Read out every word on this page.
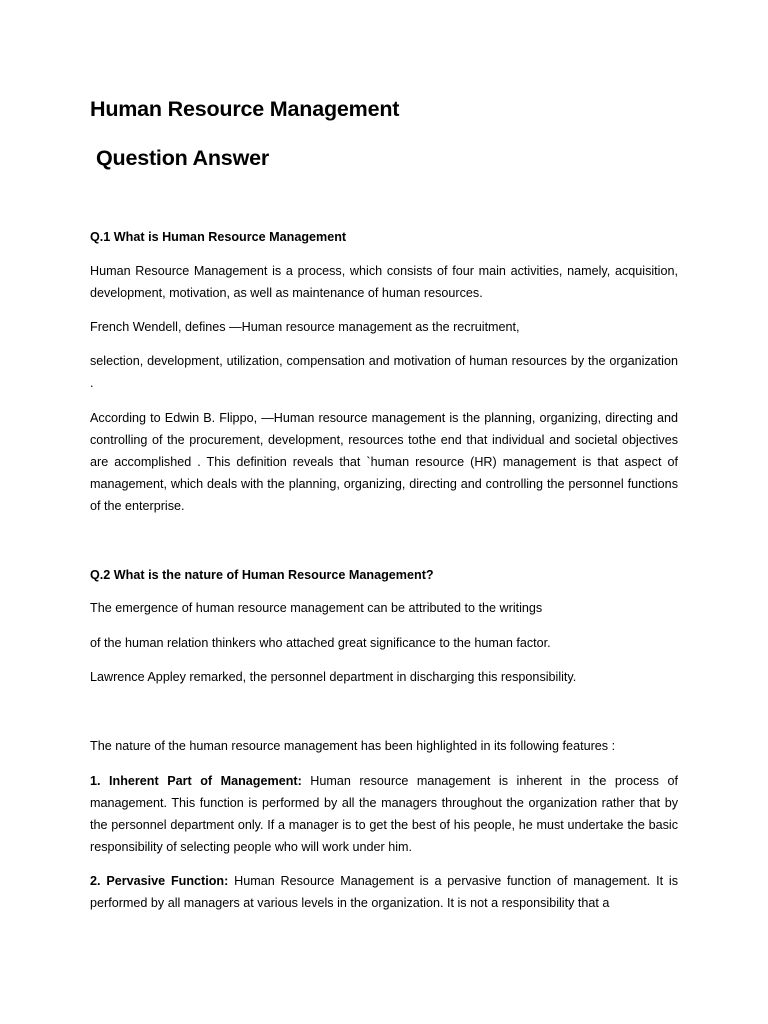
Human Resource Management
Question Answer

Q.1 What is Human Resource Management

Human Resource Management is a process, which consists of four main activities, namely, acquisition, development, motivation, as well as maintenance of human resources.

French Wendell, defines ―Human resource management as the recruitment,

selection, development, utilization, compensation and motivation of human resources by the organization .

According to Edwin B. Flippo, ―Human resource management is the planning, organizing, directing and controlling of the procurement, development, resources tothe end that individual and societal objectives are accomplished . This definition reveals that `human resource (HR) management is that aspect of management, which deals with the planning, organizing, directing and controlling the personnel functions of the enterprise.

Q.2 What is the nature of Human Resource Management?

The emergence of human resource management can be attributed to the writings

of the human relation thinkers who attached great significance to the human factor.

Lawrence Appley remarked, the personnel department in discharging this responsibility.

The nature of the human resource management has been highlighted in its following features :

1. Inherent Part of Management: Human resource management is inherent in the process of management. This function is performed by all the managers throughout the organization rather that by the personnel department only. If a manager is to get the best of his people, he must undertake the basic responsibility of selecting people who will work under him.

2. Pervasive Function: Human Resource Management is a pervasive function of management. It is performed by all managers at various levels in the organization. It is not a responsibility that a
